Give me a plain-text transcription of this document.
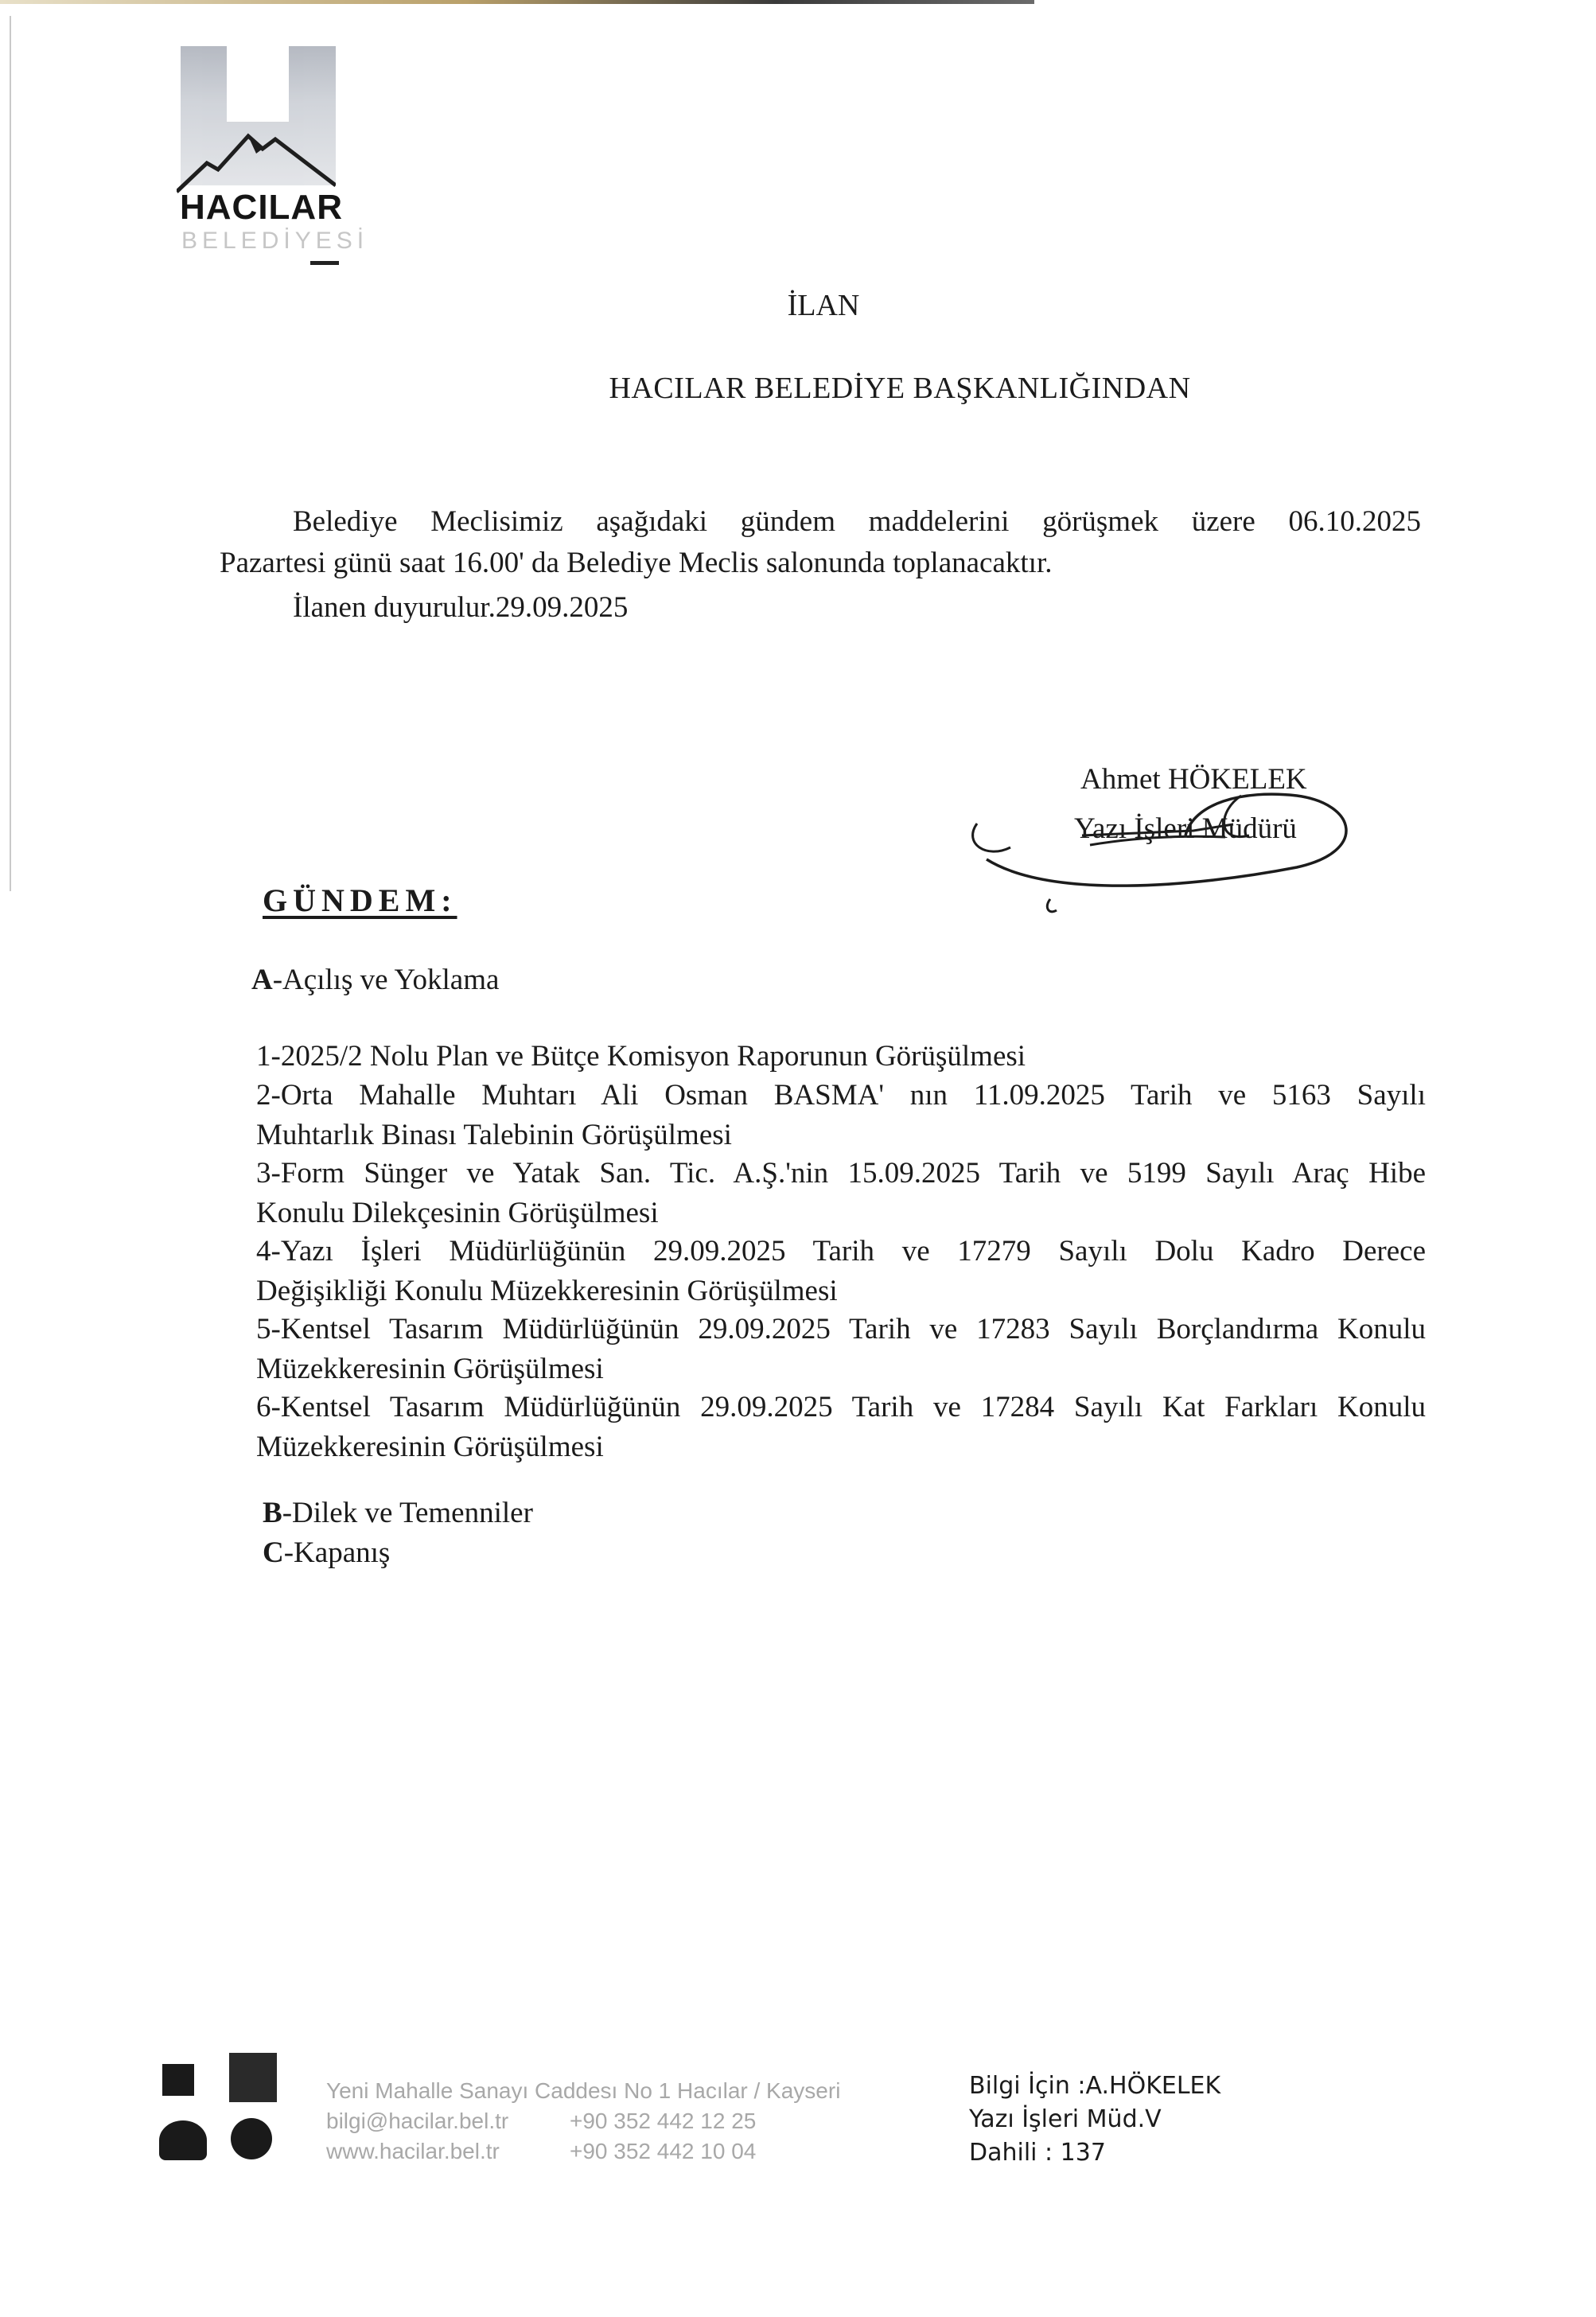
HACILAR
BELEDİYESİ
İLAN
HACILAR BELEDİYE BAŞKANLIĞINDAN
Belediye Meclisimiz aşağıdaki gündem maddelerini görüşmek üzere 06.10.2025
Pazartesi günü saat 16.00' da Belediye Meclis salonunda toplanacaktır.
İlanen duyurulur.29.09.2025
Ahmet HÖKELEK
Yazı İşleri Müdürü
GÜNDEM:
A-Açılış ve Yoklama
1-2025/2 Nolu Plan ve Bütçe Komisyon Raporunun Görüşülmesi
2-Orta Mahalle Muhtarı Ali Osman BASMA' nın 11.09.2025 Tarih ve 5163 Sayılı
Muhtarlık Binası Talebinin Görüşülmesi
3-Form Sünger ve Yatak San. Tic. A.Ş.'nin 15.09.2025 Tarih ve 5199 Sayılı Araç Hibe
Konulu Dilekçesinin Görüşülmesi
4-Yazı İşleri Müdürlüğünün 29.09.2025 Tarih ve 17279 Sayılı Dolu Kadro Derece
Değişikliği Konulu Müzekkeresinin Görüşülmesi
5-Kentsel Tasarım Müdürlüğünün 29.09.2025 Tarih ve 17283 Sayılı Borçlandırma Konulu
Müzekkeresinin Görüşülmesi
6-Kentsel Tasarım Müdürlüğünün 29.09.2025 Tarih ve 17284 Sayılı Kat Farkları Konulu
Müzekkeresinin Görüşülmesi
B-Dilek ve Temenniler
C-Kapanış
Yeni Mahalle Sanayı Caddesı No 1 Hacılar / Kayseri
bilgi@hacilar.bel.tr	+90 352 442 12 25
www.hacilar.bel.tr	+90 352 442 10 04
Bilgi İçin :A.HÖKELEK
Yazı İşleri Müd.V
Dahili : 137
